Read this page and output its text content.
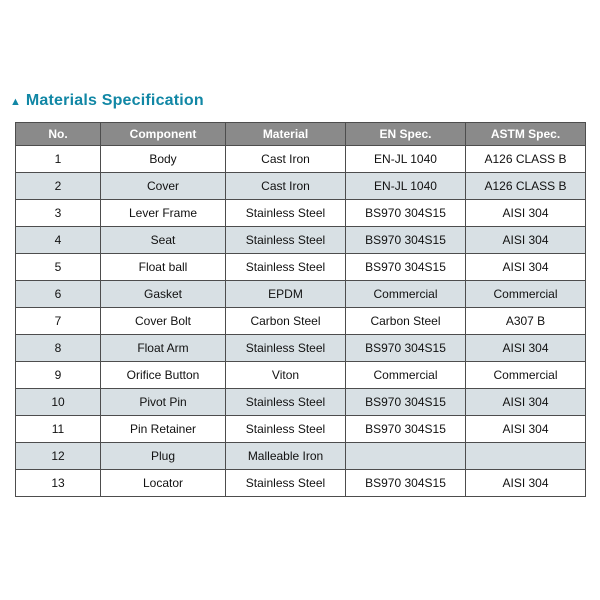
▲ Materials Specification
No.	Component	Material	EN Spec.	ASTM Spec.
1	Body	Cast Iron	EN-JL 1040	A126 CLASS B
2	Cover	Cast Iron	EN-JL 1040	A126 CLASS B
3	Lever Frame	Stainless Steel	BS970 304S15	AISI 304
4	Seat	Stainless Steel	BS970 304S15	AISI 304
5	Float ball	Stainless Steel	BS970 304S15	AISI 304
6	Gasket	EPDM	Commercial	Commercial
7	Cover Bolt	Carbon Steel	Carbon Steel	A307 B
8	Float Arm	Stainless Steel	BS970 304S15	AISI 304
9	Orifice Button	Viton	Commercial	Commercial
10	Pivot Pin	Stainless Steel	BS970 304S15	AISI 304
11	Pin Retainer	Stainless Steel	BS970 304S15	AISI 304
12	Plug	Malleable Iron		
13	Locator	Stainless Steel	BS970 304S15	AISI 304
